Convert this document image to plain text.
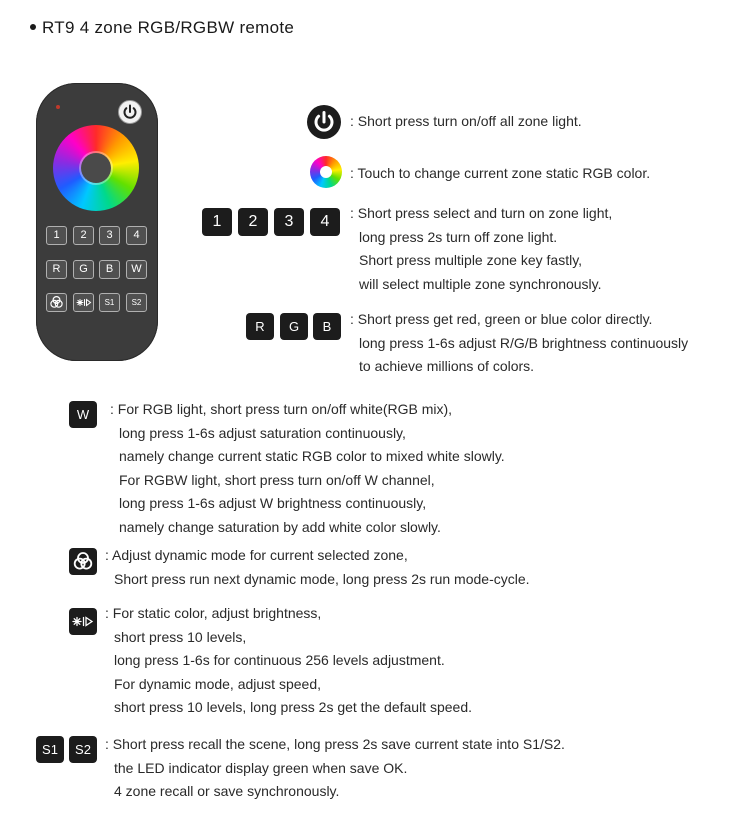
RT9 4 zone RGB/RGBW remote
1	2	3	4
R	G	B	W
S1	S2
: Short press turn on/off all zone light.
: Touch to change current zone static RGB color.
1	2	3	4	: Short press select and turn on zone light,
long press 2s turn off zone light.
Short press multiple zone key fastly,
will select multiple zone synchronously.
R	G	B	: Short press get red, green or blue color directly.
long press 1-6s adjust R/G/B brightness continuously
to achieve millions of colors.
W	: For RGB light, short press turn on/off white(RGB mix),
long press 1-6s adjust saturation continuously,
namely change current static RGB color to mixed white slowly.
For RGBW light, short press turn on/off W channel,
long press 1-6s adjust W brightness continuously,
namely change saturation by add white color slowly.
: Adjust dynamic mode for current selected zone,
Short press run next dynamic mode, long press 2s run mode-cycle.
: For static color, adjust brightness,
short press 10 levels,
long press 1-6s for continuous 256 levels adjustment.
For dynamic mode, adjust speed,
short press 10 levels, long press 2s get the default speed.
S1	S2	: Short press recall the scene, long press 2s save current state into S1/S2.
the LED indicator display green when save OK.
4 zone recall or save synchronously.
